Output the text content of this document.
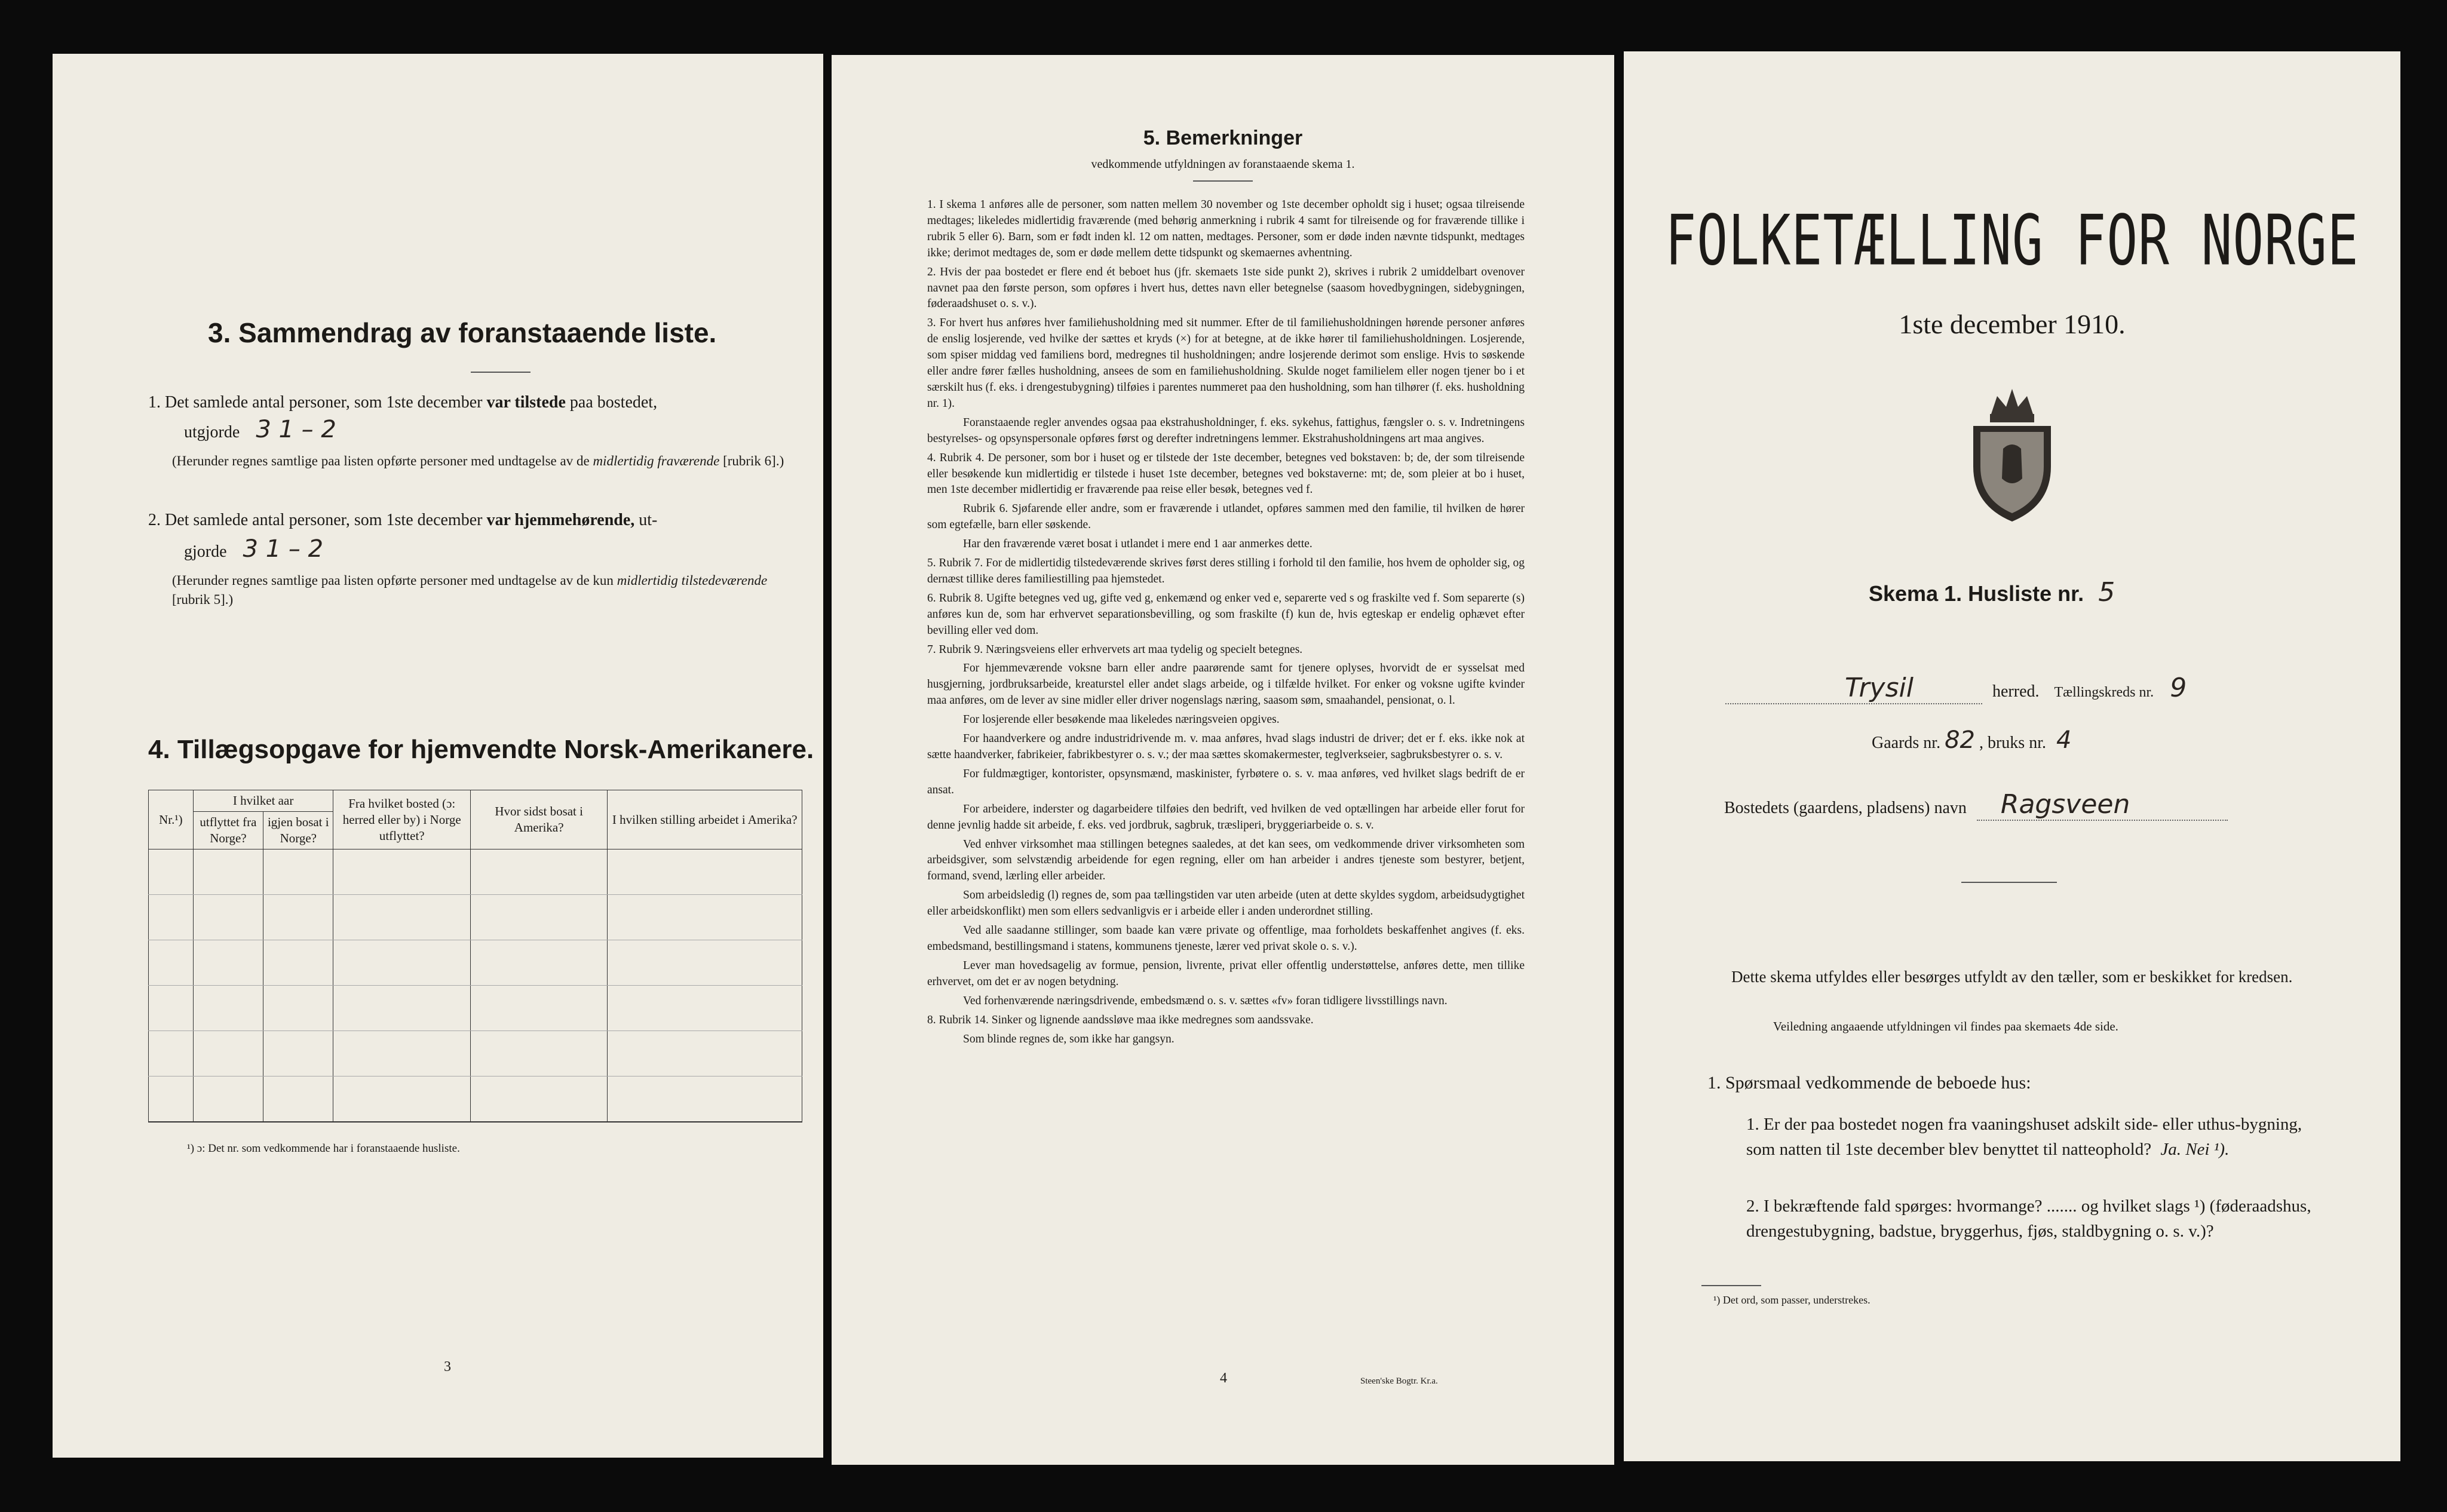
3. Sammendrag av foranstaaende liste.
1. Det samlede antal personer, som 1ste december var tilstede paa bostedet,
utgjorde 3 1 – 2
(Herunder regnes samtlige paa listen opførte personer med undtagelse av de midlertidig fraværende [rubrik 6].)
2. Det samlede antal personer, som 1ste december var hjemmehørende, ut-
gjorde 3 1 – 2
(Herunder regnes samtlige paa listen opførte personer med undtagelse av de kun midlertidig tilstedeværende [rubrik 5].)
4. Tillægsopgave for hjemvendte Norsk-Amerikanere.
Nr.¹)	I hvilket aar		Fra hvilket bosted (ɔ: herred eller by) i Norge utflyttet?	Hvor sidst bosat i Amerika?	I hvilken stilling arbeidet i Amerika?
	utflyttet fra Norge?	igjen bosat i Norge?			

¹) ɔ: Det nr. som vedkommende har i foranstaaende husliste.
3
5. Bemerkninger
vedkommende utfyldningen av foranstaaende skema 1.

1. I skema 1 anføres alle de personer, som natten mellem 30 november og 1ste december opholdt sig i huset; ogsaa tilreisende medtages; likeledes midlertidig fraværende (med behørig anmerkning i rubrik 4 samt for tilreisende og for fraværende tillike i rubrik 5 eller 6). Barn, som er født inden kl. 12 om natten, medtages. Personer, som er døde inden nævnte tidspunkt, medtages ikke; derimot medtages de, som er døde mellem dette tidspunkt og skemaernes avhentning.

2. Hvis der paa bostedet er flere end ét beboet hus (jfr. skemaets 1ste side punkt 2), skrives i rubrik 2 umiddelbart ovenover navnet paa den første person, som opføres i hvert hus, dettes navn eller betegnelse (saasom hovedbygningen, sidebygningen, føderaadshuset o. s. v.).

3. For hvert hus anføres hver familiehusholdning med sit nummer. Efter de til familiehusholdningen hørende personer anføres de enslig losjerende, ved hvilke der sættes et kryds (×) for at betegne, at de ikke hører til familiehusholdningen. Losjerende, som spiser middag ved familiens bord, medregnes til husholdningen; andre losjerende derimot som enslige. Hvis to søskende eller andre fører fælles husholdning, ansees de som en familiehusholdning. Skulde noget familielem eller nogen tjener bo i et særskilt hus (f. eks. i drengestubygning) tilføies i parentes nummeret paa den husholdning, som han tilhører (f. eks. husholdning nr. 1).

Foranstaaende regler anvendes ogsaa paa ekstrahusholdninger, f. eks. sykehus, fattighus, fængsler o. s. v. Indretningens bestyrelses- og opsynspersonale opføres først og derefter indretningens lemmer. Ekstrahusholdningens art maa angives.

4. Rubrik 4. De personer, som bor i huset og er tilstede der 1ste december, betegnes ved bokstaven: b; de, der som tilreisende eller besøkende kun midlertidig er tilstede i huset 1ste december, betegnes ved bokstaverne: mt; de, som pleier at bo i huset, men 1ste december midlertidig er fraværende paa reise eller besøk, betegnes ved f.

Rubrik 6. Sjøfarende eller andre, som er fraværende i utlandet, opføres sammen med den familie, til hvilken de hører som egtefælle, barn eller søskende.

Har den fraværende været bosat i utlandet i mere end 1 aar anmerkes dette.

5. Rubrik 7. For de midlertidig tilstedeværende skrives først deres stilling i forhold til den familie, hos hvem de opholder sig, og dernæst tillike deres familiestilling paa hjemstedet.

6. Rubrik 8. Ugifte betegnes ved ug, gifte ved g, enkemænd og enker ved e, separerte ved s og fraskilte ved f. Som separerte (s) anføres kun de, som har erhvervet separationsbevilling, og som fraskilte (f) kun de, hvis egteskap er endelig ophævet efter bevilling eller ved dom.

7. Rubrik 9. Næringsveiens eller erhvervets art maa tydelig og specielt betegnes.

For hjemmeværende voksne barn eller andre paarørende samt for tjenere oplyses, hvorvidt de er sysselsat med husgjerning, jordbruksarbeide, kreaturstel eller andet slags arbeide, og i tilfælde hvilket. For enker og voksne ugifte kvinder maa anføres, om de lever av sine midler eller driver nogenslags næring, saasom søm, smaahandel, pensionat, o. l.

For losjerende eller besøkende maa likeledes næringsveien opgives.

For haandverkere og andre industridrivende m. v. maa anføres, hvad slags industri de driver; det er f. eks. ikke nok at sætte haandverker, fabrikeier, fabrikbestyrer o. s. v.; der maa sættes skomakermester, teglverkseier, sagbruksbestyrer o. s. v.

For fuldmægtiger, kontorister, opsynsmænd, maskinister, fyrbøtere o. s. v. maa anføres, ved hvilket slags bedrift de er ansat.

For arbeidere, inderster og dagarbeidere tilføies den bedrift, ved hvilken de ved optællingen har arbeide eller forut for denne jevnlig hadde sit arbeide, f. eks. ved jordbruk, sagbruk, træsliperi, bryggeriarbeide o. s. v.

Ved enhver virksomhet maa stillingen betegnes saaledes, at det kan sees, om vedkommende driver virksomheten som arbeidsgiver, som selvstændig arbeidende for egen regning, eller om han arbeider i andres tjeneste som bestyrer, betjent, formand, svend, lærling eller arbeider.

Som arbeidsledig (l) regnes de, som paa tællingstiden var uten arbeide (uten at dette skyldes sygdom, arbeidsudygtighet eller arbeidskonflikt) men som ellers sedvanligvis er i arbeide eller i anden underordnet stilling.

Ved alle saadanne stillinger, som baade kan være private og offentlige, maa forholdets beskaffenhet angives (f. eks. embedsmand, bestillingsmand i statens, kommunens tjeneste, lærer ved privat skole o. s. v.).

Lever man hovedsagelig av formue, pension, livrente, privat eller offentlig understøttelse, anføres dette, men tillike erhvervet, om det er av nogen betydning.

Ved forhenværende næringsdrivende, embedsmænd o. s. v. sættes «fv» foran tidligere livsstillings navn.

8. Rubrik 14. Sinker og lignende aandssløve maa ikke medregnes som aandssvake.

Som blinde regnes de, som ikke har gangsyn.

4	Steen'ske Bogtr. Kr.a.
FOLKETÆLLING FOR NORGE
1ste december 1910.
Skema 1. Husliste nr. 5
Trysil	herred. Tællingskreds nr. 9
Gaards nr. 82 , bruks nr. 4
Bostedets (gaardens, pladsens) navn Ragsveen
Dette skema utfyldes eller besørges utfyldt av den tæller, som er beskikket for kredsen.
Veiledning angaaende utfyldningen vil findes paa skemaets 4de side.
1. Spørsmaal vedkommende de beboede hus:
1. Er der paa bostedet nogen fra vaaningshuset adskilt side- eller uthus-bygning, som natten til 1ste december blev benyttet til natteophold? Ja. Nei ¹).
2. I bekræftende fald spørges: hvormange? ....... og hvilket slags ¹) (føderaadshus, drengestubygning, badstue, bryggerhus, fjøs, staldbygning o. s. v.)?
¹) Det ord, som passer, understrekes.
